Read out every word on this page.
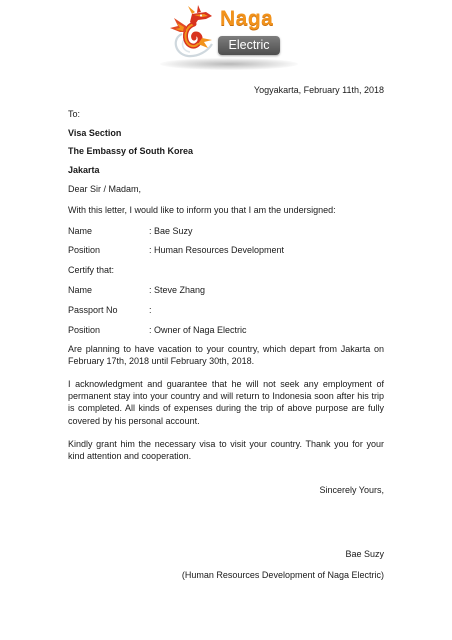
Naga
Electric
Yogyakarta, February 11th, 2018
To:
Visa Section
The Embassy of South Korea
Jakarta
Dear Sir / Madam,
With this letter, I would like to inform you that I am the undersigned:
Name	: Bae Suzy
Position	: Human Resources Development
Certify that:
Name	: Steve Zhang
Passport No	:
Position	: Owner of Naga Electric
Are planning to have vacation to your country, which depart from Jakarta on February 17th, 2018 until February 30th, 2018.
I acknowledgment and guarantee that he will not seek any employment of permanent stay into your country and will return to Indonesia soon after his trip is completed. All kinds of expenses during the trip of above purpose are fully covered by his personal account.
Kindly grant him the necessary visa to visit your country. Thank you for your kind attention and cooperation.
Sincerely Yours,
Bae Suzy
(Human Resources Development of Naga Electric)
